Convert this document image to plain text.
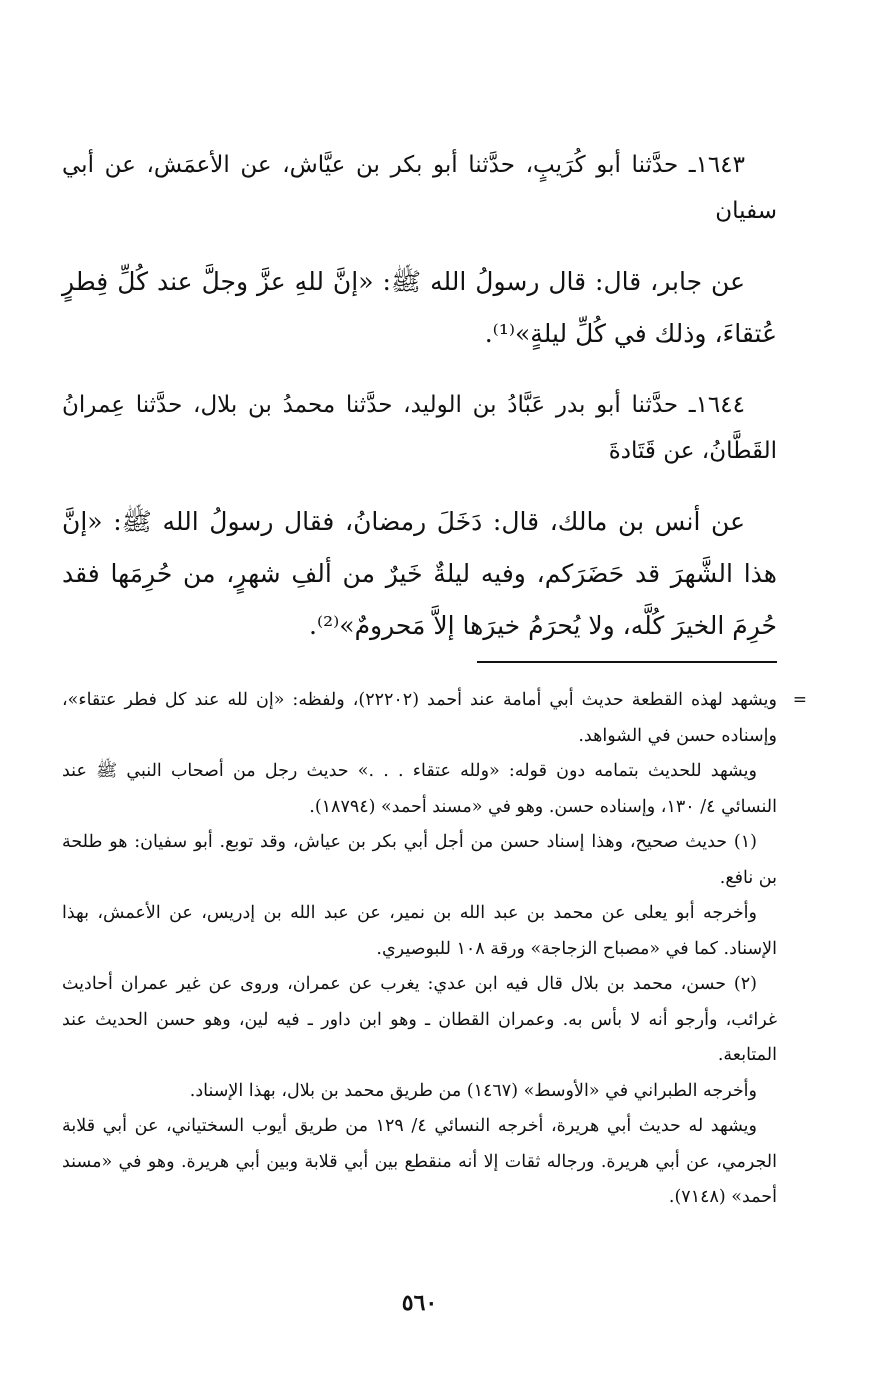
١٦٤٣ـ حدَّثنا أبو كُرَيبٍ، حدَّثنا أبو بكر بن عيَّاش، عن الأعمَش، عن أبي سفيان

عن جابر، قال: قال رسولُ الله ﷺ: «إنَّ للهِ عزَّ وجلَّ عند كُلِّ فِطرٍ عُتقاءَ، وذلك في كُلِّ ليلةٍ»⁽¹⁾.

١٦٤٤ـ حدَّثنا أبو بدر عَبَّادُ بن الوليد، حدَّثنا محمدُ بن بلال، حدَّثنا عِمرانُ القَطَّانُ، عن قَتَادةَ

عن أنس بن مالك، قال: دَخَلَ رمضانُ، فقال رسولُ الله ﷺ: «إنَّ هذا الشَّهرَ قد حَضَرَكم، وفيه ليلةٌ خَيرٌ من ألفِ شهرٍ، من حُرِمَها فقد حُرِمَ الخيرَ كُلَّه، ولا يُحرَمُ خيرَها إلاَّ مَحرومٌ»⁽²⁾.

=
ويشهد لهذه القطعة حديث أبي أمامة عند أحمد (٢٢٢٠٢)، ولفظه: «إن لله عند كل فطر عتقاء»، وإسناده حسن في الشواهد.

ويشهد للحديث بتمامه دون قوله: «ولله عتقاء . . .» حديث رجل من أصحاب النبي ﷺ عند النسائي ٤/ ١٣٠، وإسناده حسن. وهو في «مسند أحمد» (١٨٧٩٤).

(١) حديث صحيح، وهذا إسناد حسن من أجل أبي بكر بن عياش، وقد توبع. أبو سفيان: هو طلحة بن نافع.

وأخرجه أبو يعلى عن محمد بن عبد الله بن نمير، عن عبد الله بن إدريس، عن الأعمش، بهذا الإسناد. كما في «مصباح الزجاجة» ورقة ١٠٨ للبوصيري.

(٢) حسن، محمد بن بلال قال فيه ابن عدي: يغرب عن عمران، وروى عن غير عمران أحاديث غرائب، وأرجو أنه لا بأس به. وعمران القطان ـ وهو ابن داور ـ فيه لين، وهو حسن الحديث عند المتابعة.

وأخرجه الطبراني في «الأوسط» (١٤٦٧) من طريق محمد بن بلال، بهذا الإسناد.

ويشهد له حديث أبي هريرة، أخرجه النسائي ٤/ ١٢٩ من طريق أيوب السختياني، عن أبي قلابة الجرمي، عن أبي هريرة. ورجاله ثقات إلا أنه منقطع بين أبي قلابة وبين أبي هريرة. وهو في «مسند أحمد» (٧١٤٨).

٥٦٠
